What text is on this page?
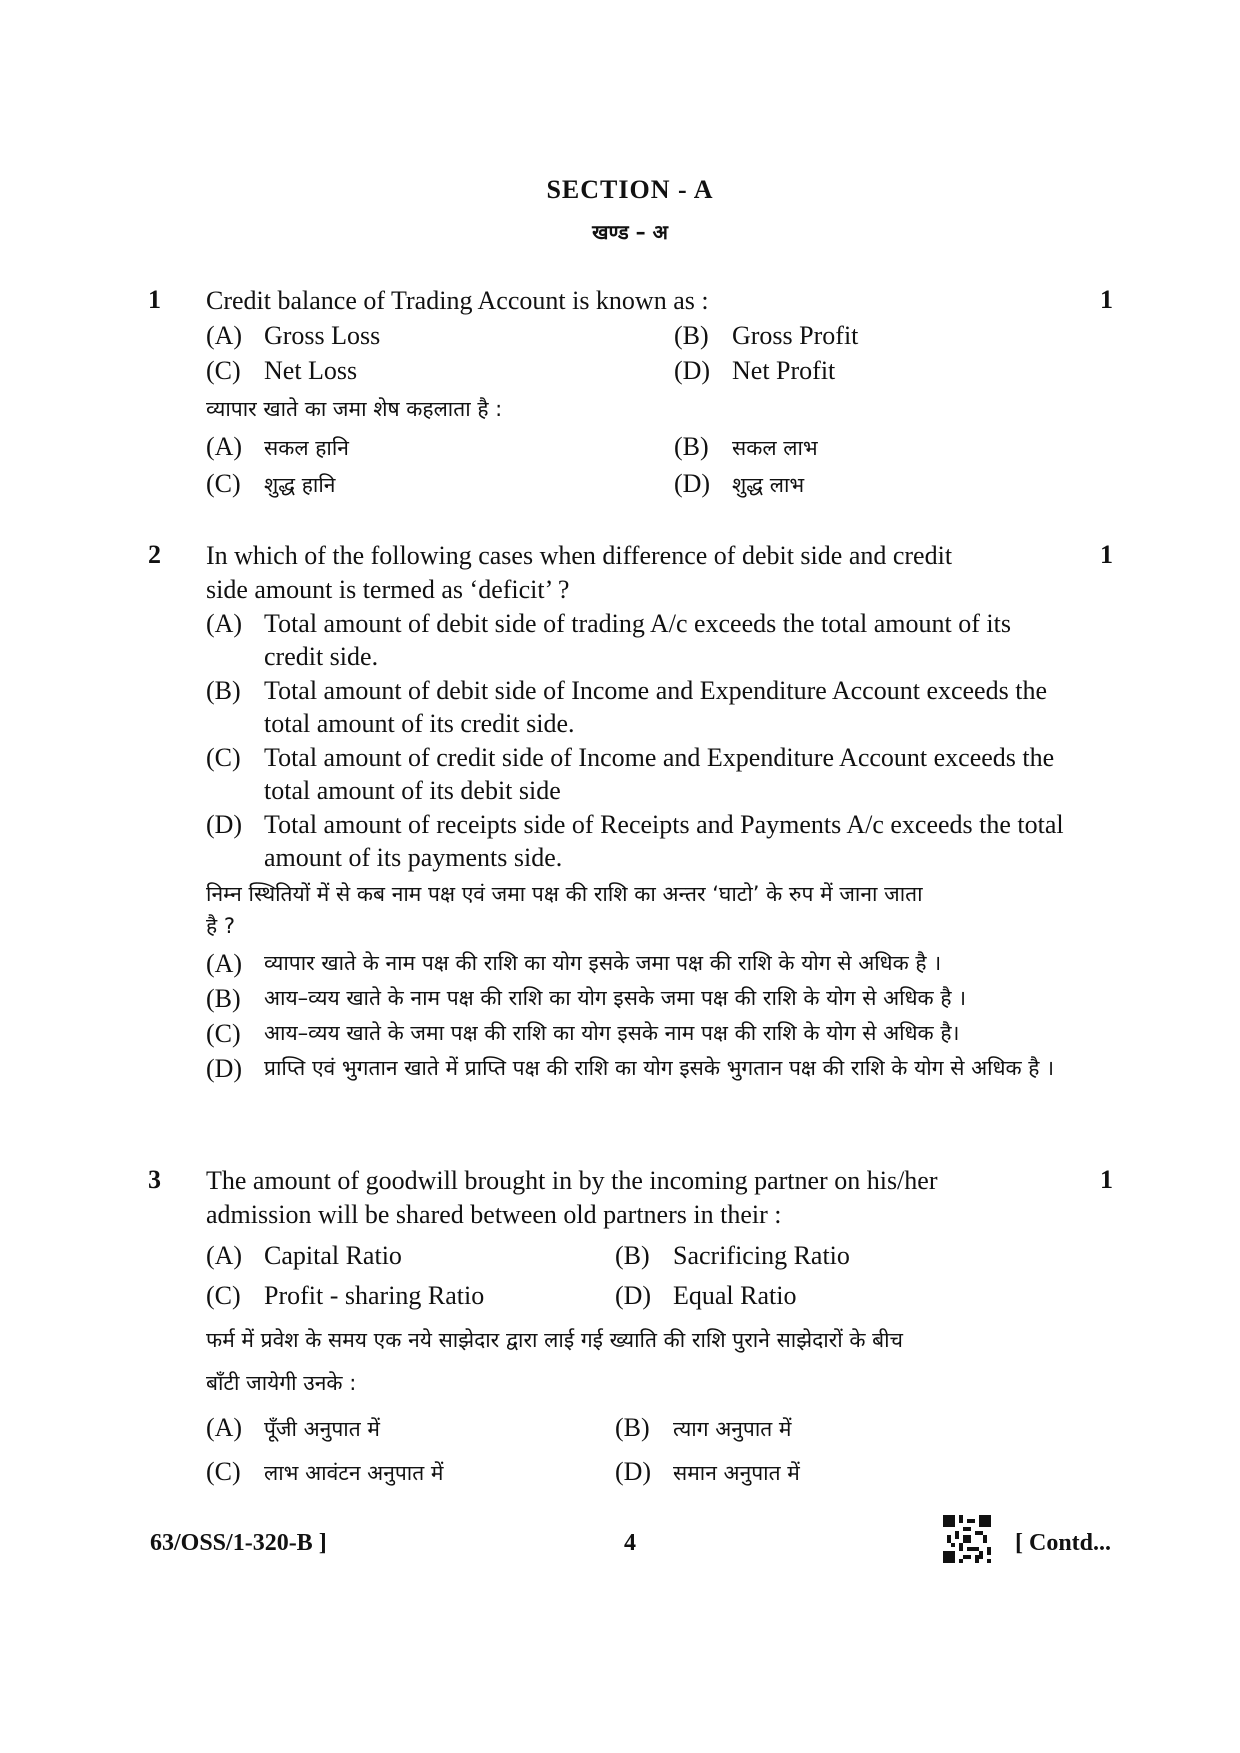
SECTION - A
खण्ड – अ
1	1
Credit balance of Trading Account is known as :
(A) Gross Loss	(B) Gross Profit
(C) Net Loss	(D) Net Profit
व्यापार खाते का जमा शेष कहलाता है :
(A) सकल हानि	(B) सकल लाभ
(C) शुद्ध हानि	(D) शुद्ध लाभ
2	1
In which of the following cases when difference of debit side and credit
side amount is termed as ‘deficit’ ?
(A) Total amount of debit side of trading A/c exceeds the total amount of its credit side.
(B) Total amount of debit side of Income and Expenditure Account exceeds the total amount of its credit side.
(C) Total amount of credit side of Income and Expenditure Account exceeds the total amount of its debit side
(D) Total amount of receipts side of Receipts and Payments A/c exceeds the total amount of its payments side.
निम्न स्थितियों में से कब नाम पक्ष एवं जमा पक्ष की राशि का अन्तर ‘घाटो’ के रुप में जाना जाता
है ?
(A) व्यापार खाते के नाम पक्ष की राशि का योग इसके जमा पक्ष की राशि के योग से अधिक है ।
(B) आय–व्यय खाते के नाम पक्ष की राशि का योग इसके जमा पक्ष की राशि के योग से अधिक है ।
(C) आय–व्यय खाते के जमा पक्ष की राशि का योग इसके नाम पक्ष की राशि के योग से अधिक है।
(D) प्राप्ति एवं भुगतान खाते में प्राप्ति पक्ष की राशि का योग इसके भुगतान पक्ष की राशि के योग से अधिक है ।
3	1
The amount of goodwill brought in by the incoming partner on his/her
admission will be shared between old partners in their :
(A) Capital Ratio	(B) Sacrificing Ratio
(C) Profit - sharing Ratio	(D) Equal Ratio
फर्म में प्रवेश के समय एक नये साझेदार द्वारा लाई गई ख्याति की राशि पुराने साझेदारों के बीच
बाँटी जायेगी उनके :
(A) पूँजी अनुपात में	(B) त्याग अनुपात में
(C) लाभ आवंटन अनुपात में	(D) समान अनुपात में
63/OSS/1-320-B ]	4	[ Contd...
